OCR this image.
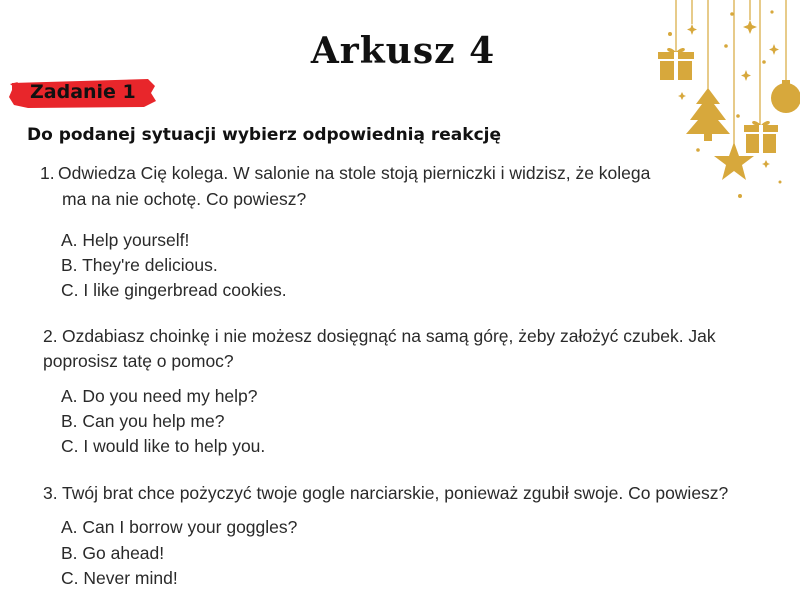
Arkusz 4
Zadanie 1
Do podanej sytuacji wybierz odpowiednią reakcję
1. Odwiedza Cię kolega. W salonie na stole stoją pierniczki i widzisz, że kolega
ma na nie ochotę. Co powiesz?
A. Help yourself!
B. They're delicious.
C. I like gingerbread cookies.
2. Ozdabiasz choinkę i nie możesz dosięgnąć na samą górę, żeby założyć czubek. Jak
poprosisz tatę o pomoc?
A. Do you need my help?
B. Can you help me?
C. I would like to help you.
3. Twój brat chce pożyczyć twoje gogle narciarskie, ponieważ zgubił swoje. Co powiesz?
A. Can I borrow your goggles?
B. Go ahead!
C. Never mind!
